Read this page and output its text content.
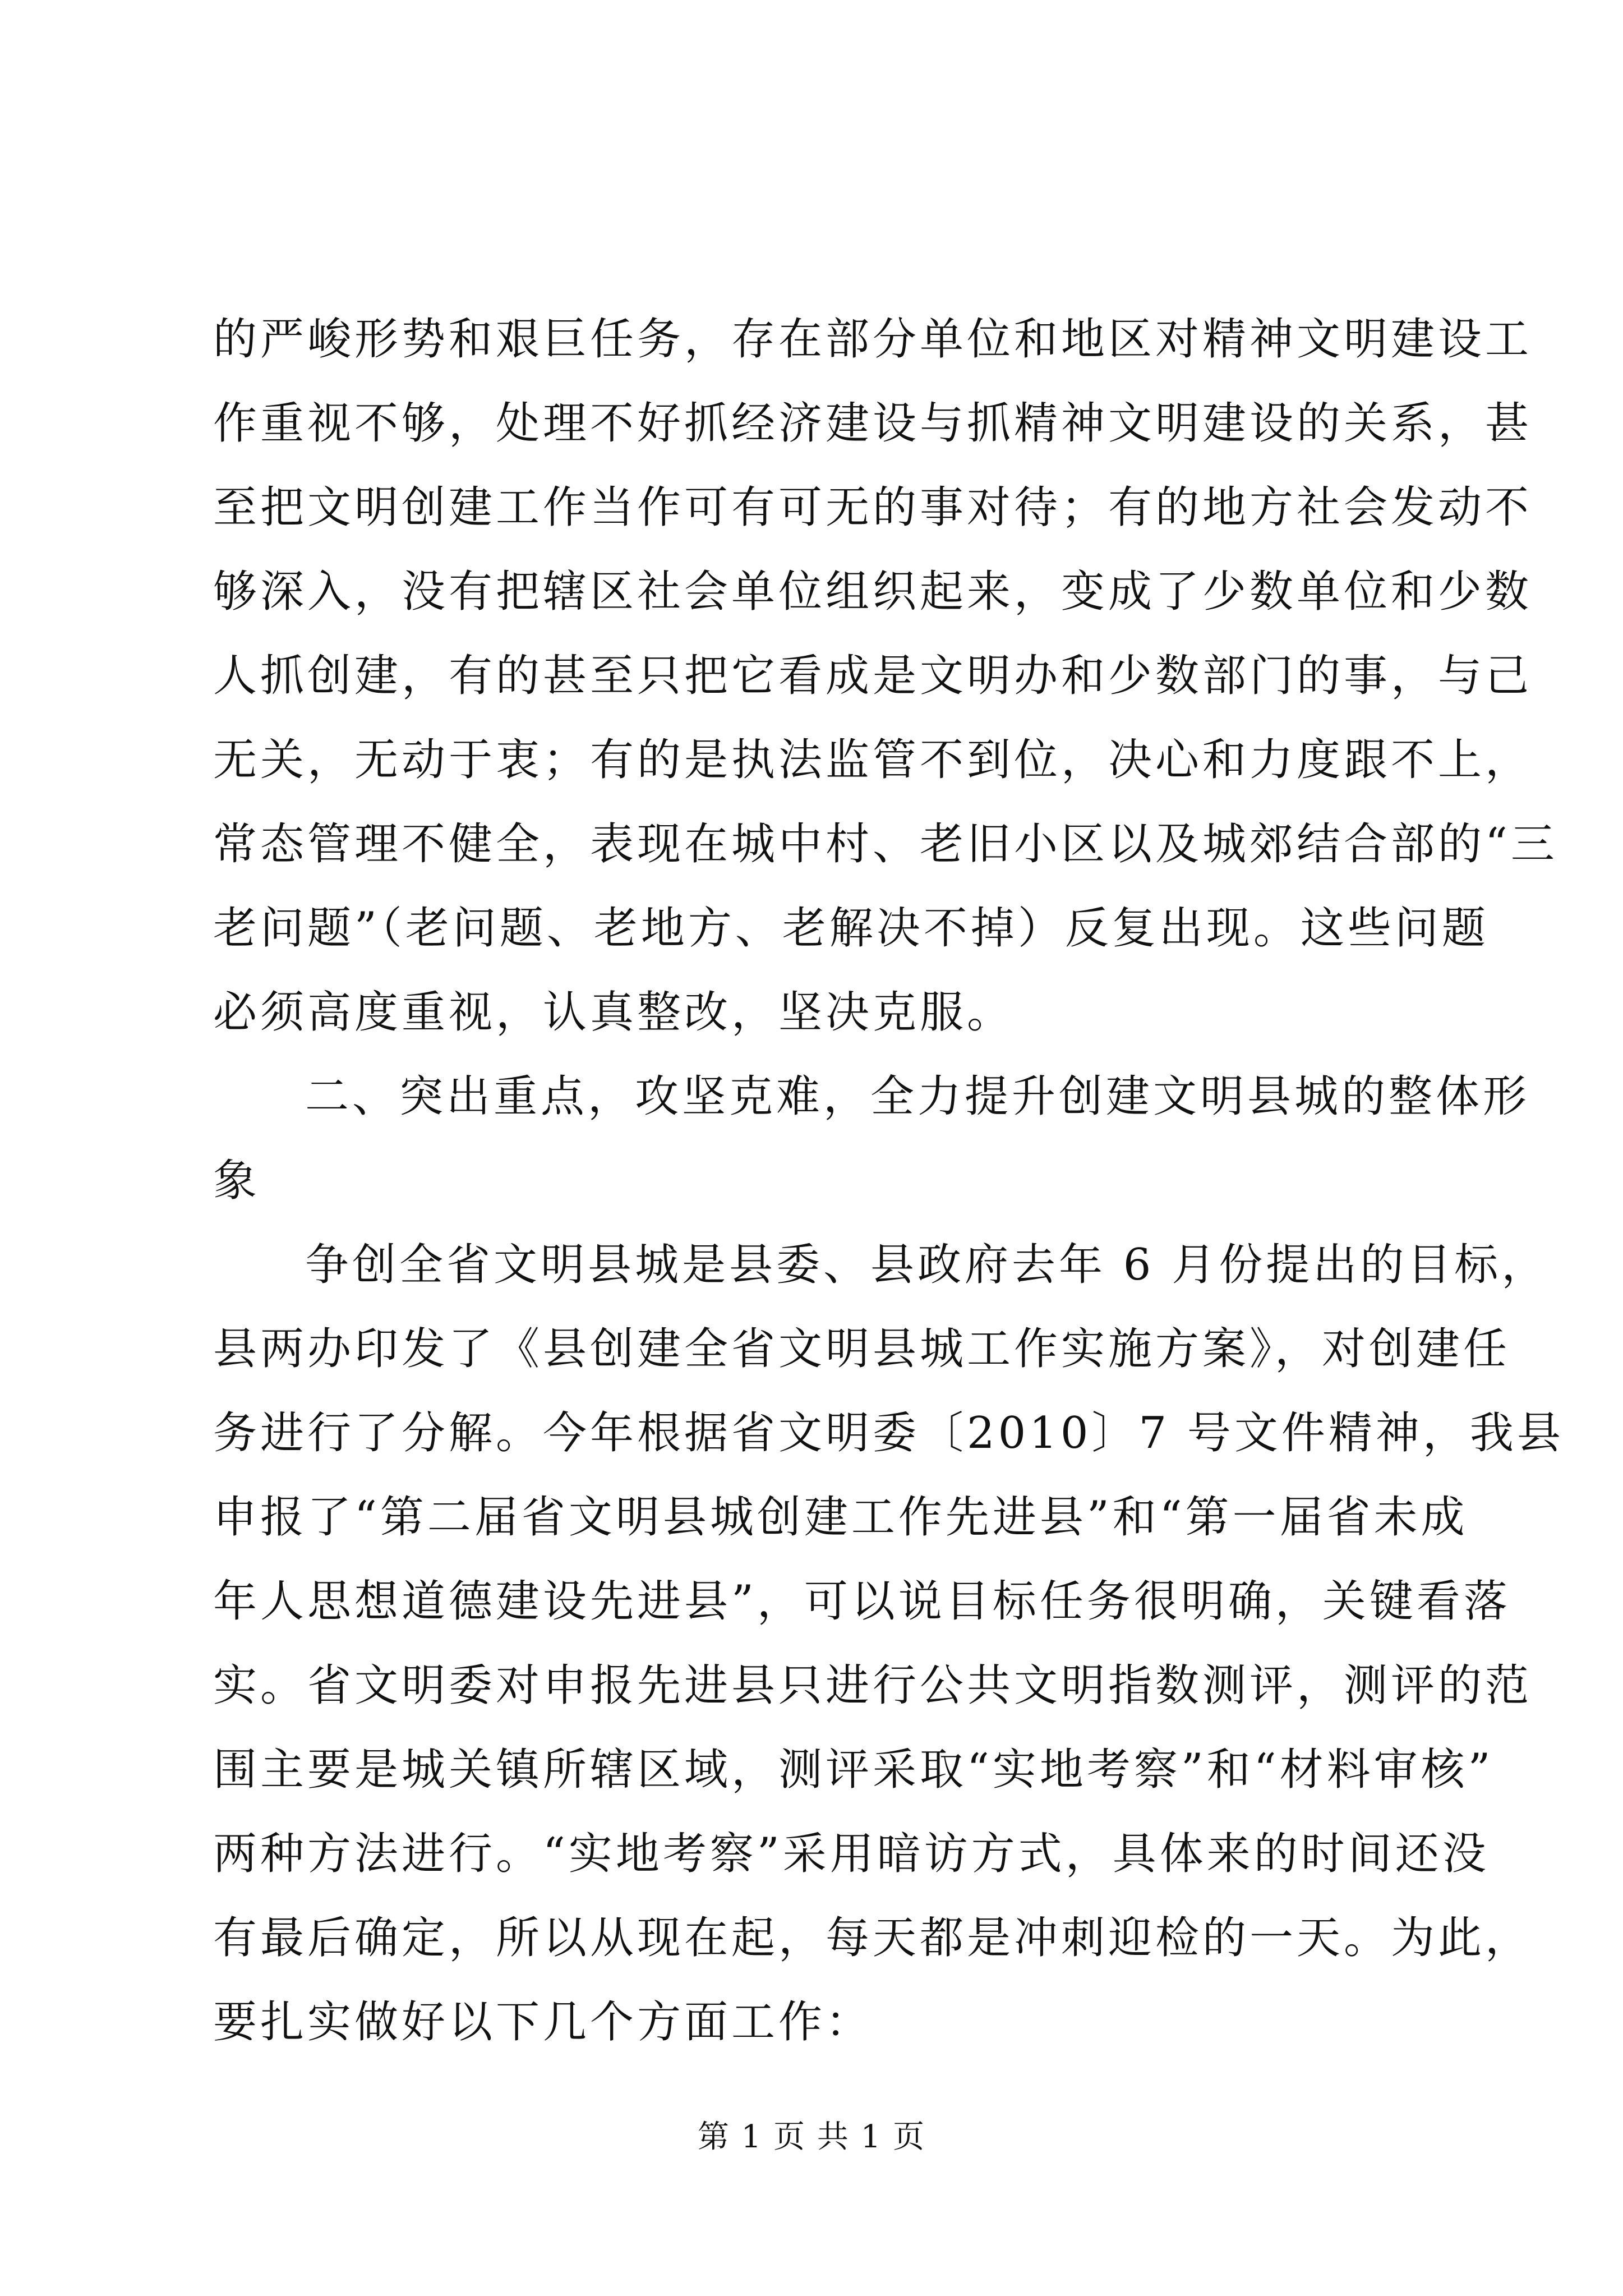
的严峻形势和艰巨任务，存在部分单位和地区对精神文明建设工
作重视不够，处理不好抓经济建设与抓精神文明建设的关系，甚
至把文明创建工作当作可有可无的事对待；有的地方社会发动不
够深入，没有把辖区社会单位组织起来，变成了少数单位和少数
人抓创建，有的甚至只把它看成是文明办和少数部门的事，与己
无关，无动于衷；有的是执法监管不到位，决心和力度跟不上，
常态管理不健全，表现在城中村、老旧小区以及城郊结合部的“三
老问题”（老问题、老地方、老解决不掉）反复出现。这些问题
必须高度重视，认真整改，坚决克服。
二、突出重点，攻坚克难，全力提升创建文明县城的整体形
象
争创全省文明县城是县委、县政府去年 6 月份提出的目标，
县两办印发了《县创建全省文明县城工作实施方案》，对创建任
务进行了分解。今年根据省文明委〔2010〕7 号文件精神，我县
申报了“第二届省文明县城创建工作先进县”和“第一届省未成
年人思想道德建设先进县”，可以说目标任务很明确，关键看落
实。省文明委对申报先进县只进行公共文明指数测评，测评的范
围主要是城关镇所辖区域，测评采取“实地考察”和“材料审核”
两种方法进行。“实地考察”采用暗访方式，具体来的时间还没
有最后确定，所以从现在起，每天都是冲刺迎检的一天。为此，
要扎实做好以下几个方面工作：
第 1 页 共 1 页
